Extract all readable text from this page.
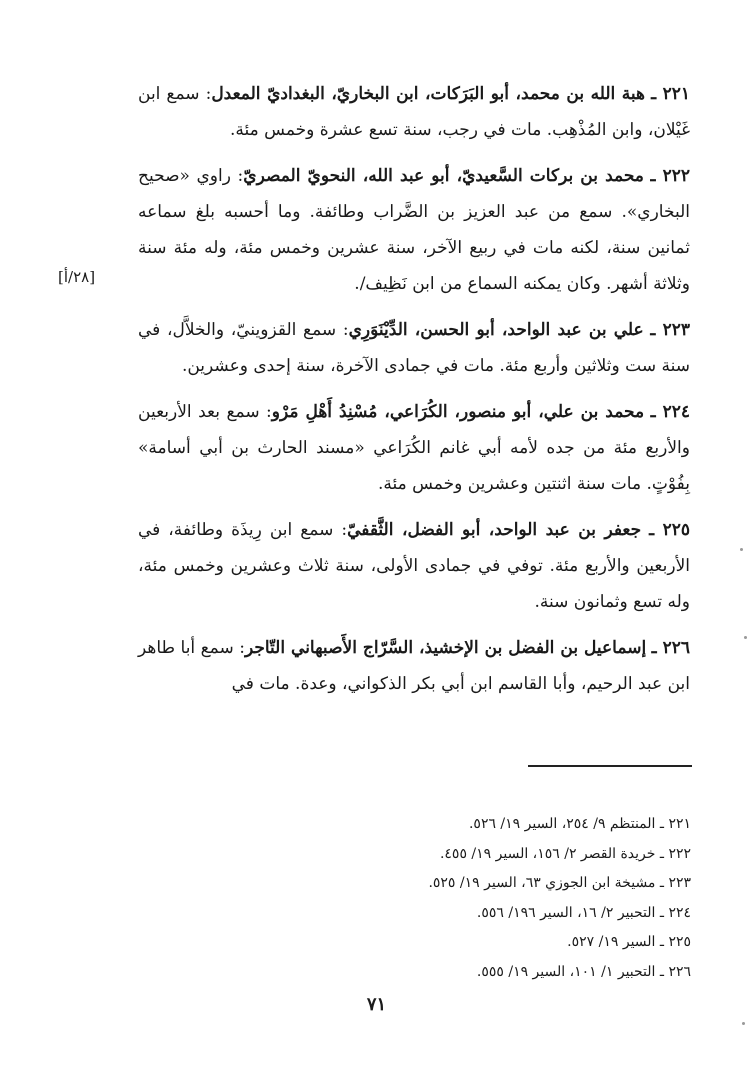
٢٢١ ـ هبة الله بن محمد، أبو البَرَكات، ابن البخاريّ، البغداديّ المعدل: سمع ابن غَيْلان، وابن المُذْهِب. مات في رجب، سنة تسع عشرة وخمس مئة.

٢٢٢ ـ محمد بن بركات السَّعيديّ، أبو عبد الله، النحويّ المصريّ: راوي «صحيح البخاري». سمع من عبد العزيز بن الضَّراب وطائفة. وما أحسبه بلغ سماعه ثمانين سنة، لكنه مات في ربيع الآخر، سنة عشرين وخمس مئة، وله مئة سنة وثلاثة أشهر. وكان يمكنه السماع من ابن نَظِيف/.

٢٢٣ ـ علي بن عبد الواحد، أبو الحسن، الدِّيْنَوَرِي: سمع القزوينيّ، والخلاَّل، في سنة ست وثلاثين وأربع مئة. مات في جمادى الآخرة، سنة إحدى وعشرين.

٢٢٤ ـ محمد بن علي، أبو منصور، الكُرَاعي، مُسْنِدُ أَهْلِ مَرْو: سمع بعد الأربعين والأربع مئة من جده لأمه أبي غانم الكُرَاعي «مسند الحارث بن أبي أسامة» بِفُوْتٍ. مات سنة اثنتين وعشرين وخمس مئة.

٢٢٥ ـ جعفر بن عبد الواحد، أبو الفضل، الثَّقفيّ: سمع ابن رِيذَة وطائفة، في الأربعين والأربع مئة. توفي في جمادى الأولى، سنة ثلاث وعشرين وخمس مئة، وله تسع وثمانون سنة.

٢٢٦ ـ إسماعيل بن الفضل بن الإخشيذ، السَّرّاج الأَصبهاني التّاجر: سمع أبا طاهر ابن عبد الرحيم، وأبا القاسم ابن أبي بكر الذكواني، وعدة. مات في

[٢٨/أ]
٢٢١ ـ المنتظم ٩/ ٢٥٤، السير ١٩/ ٥٢٦.
٢٢٢ ـ خريدة القصر ٢/ ١٥٦، السير ١٩/ ٤٥٥.
٢٢٣ ـ مشيخة ابن الجوزي ٦٣، السير ١٩/ ٥٢٥.
٢٢٤ ـ التحبير ٢/ ١٦، السير ١٩٦/ ٥٥٦.
٢٢٥ ـ السير ١٩/ ٥٢٧.
٢٢٦ ـ التحبير ١/ ١٠١، السير ١٩/ ٥٥٥.
٧١
